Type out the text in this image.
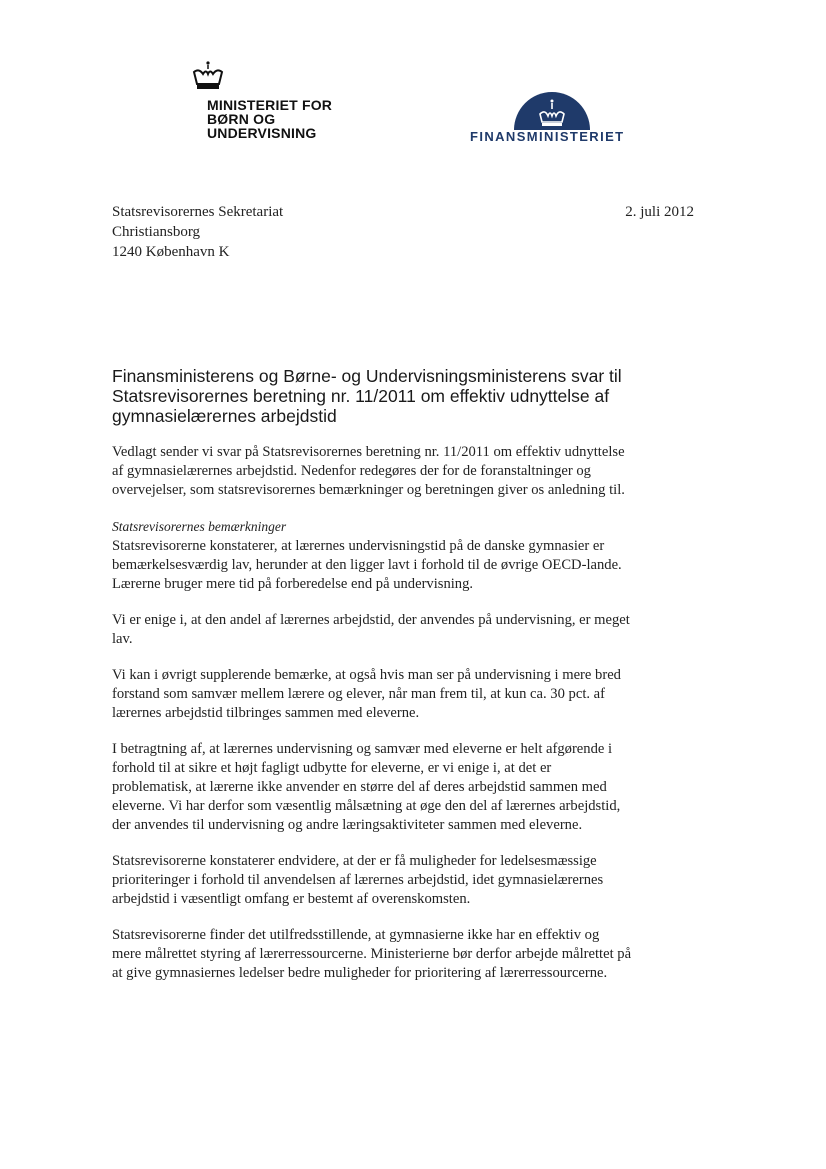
MINISTERIET FOR
BØRN OG
UNDERVISNING	FINANSMINISTERIET
Statsrevisorernes Sekretariat
Christiansborg
1240 København K
2. juli 2012
Finansministerens og Børne- og Undervisningsministerens svar til Statsrevisorernes beretning nr. 11/2011 om effektiv udnyttelse af gymnasielærernes arbejdstid

Vedlagt sender vi svar på Statsrevisorernes beretning nr. 11/2011 om effektiv udnyttelse af gymnasielærernes arbejdstid. Nedenfor redegøres der for de foranstaltninger og overvejelser, som statsrevisorernes bemærkninger og beretningen giver os anledning til.

Statsrevisorernes bemærkninger
Statsrevisorerne konstaterer, at lærernes undervisningstid på de danske gymnasier er bemærkelsesværdig lav, herunder at den ligger lavt i forhold til de øvrige OECD-lande. Lærerne bruger mere tid på forberedelse end på undervisning.

Vi er enige i, at den andel af lærernes arbejdstid, der anvendes på undervisning, er meget lav.

Vi kan i øvrigt supplerende bemærke, at også hvis man ser på undervisning i mere bred forstand som samvær mellem lærere og elever, når man frem til, at kun ca. 30 pct. af lærernes arbejdstid tilbringes sammen med eleverne.

I betragtning af, at lærernes undervisning og samvær med eleverne er helt afgørende i forhold til at sikre et højt fagligt udbytte for eleverne, er vi enige i, at det er problematisk, at lærerne ikke anvender en større del af deres arbejdstid sammen med eleverne. Vi har derfor som væsentlig målsætning at øge den del af lærernes arbejdstid, der anvendes til undervisning og andre læringsaktiviteter sammen med eleverne.

Statsrevisorerne konstaterer endvidere, at der er få muligheder for ledelsesmæssige prioriteringer i forhold til anvendelsen af lærernes arbejdstid, idet gymnasielærernes arbejdstid i væsentligt omfang er bestemt af overenskomsten.

Statsrevisorerne finder det utilfredsstillende, at gymnasierne ikke har en effektiv og mere målrettet styring af lærerressourcerne. Ministerierne bør derfor arbejde målrettet på at give gymnasiernes ledelser bedre muligheder for prioritering af lærerressourcerne.
